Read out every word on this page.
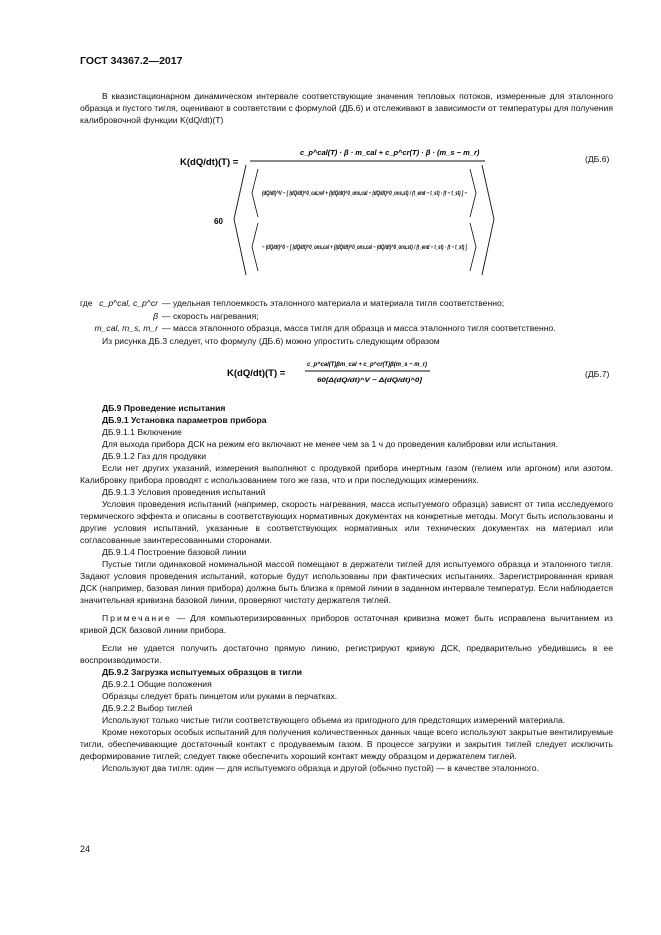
ГОСТ 34367.2—2017

В квазистационарном динамическом интервале соответствующие значения тепловых потоков, измеренные для эталонного образца и пустого тигля, оценивают в соответствии с формулой (ДБ.6) и отслеживают в зависимости от температуры для получения калибровочной функции K(dQ/dt)(T)

K(dQ/dt)(T) =
c_p^cal(T) · β · m_cal + c_p^cr(T) · β · (m_s − m_r)
60
(dQ/dt)^V − [ (dQ/dt)^0_cal,ref + ((dQ/dt)^0_ons,cal − (dQ/dt)^0_ons,st) / (t_end − t_st) · (t − t_st) ] −
− (dQ/dt)^0 − [ (dQ/dt)^0_ons,cal + ((dQ/dt)^0_ons,cal − (dQ/dt)^0_ons,st) / (t_end − t_st) · (t − t_st) ]
(ДБ.6)
где c_p^cal, c_p^cr — удельная теплоемкость эталонного материала и материала тигля соответственно;
β — скорость нагревания;
m_cal, m_s, m_r — масса эталонного образца, масса тигля для образца и масса эталонного тигля соответственно.
Из рисунка ДБ.3 следует, что формулу (ДБ.6) можно упростить следующим образом
K(dQ/dt)(T) =
c_p^cal(T)βm_cal + c_p^cr(T)β(m_s − m_r)
60[Δ(dQ/dt)^V − Δ(dQ/dt)^0]
(ДБ.7)

ДБ.9 Проведение испытания

ДБ.9.1 Установка параметров прибора

ДБ.9.1.1 Включение

Для выхода прибора ДСК на режим его включают не менее чем за 1 ч до проведения калибровки или испытания.

ДБ.9.1.2 Газ для продувки

Если нет других указаний, измерения выполняют с продувкой прибора инертным газом (гелием или аргоном) или азотом. Калибровку прибора проводят с использованием того же газа, что и при последующих измерениях.

ДБ.9.1.3 Условия проведения испытаний

Условия проведения испытаний (например, скорость нагревания, масса испытуемого образца) зависят от типа исследуемого термического эффекта и описаны в соответствующих нормативных документах на конкретные методы. Могут быть использованы и другие условия испытаний, указанные в соответствующих нормативных или технических документах на материал или согласованные заинтересованными сторонами.

ДБ.9.1.4 Построение базовой линии

Пустые тигли одинаковой номинальной массой помещают в держатели тиглей для испытуемого образца и эталонного тигля. Задают условия проведения испытаний, которые будут использованы при фактических испытаниях. Зарегистрированная кривая ДСК (например, базовая линия прибора) должна быть близка к прямой линии в заданном интервале температур. Если наблюдается значительная кривизна базовой линии, проверяют чистоту держателя тиглей.

Примечание — Для компьютеризированных приборов остаточная кривизна может быть исправлена вычитанием из кривой ДСК базовой линии прибора.

Если не удается получить достаточно прямую линию, регистрируют кривую ДСК, предварительно убедившись в ее воспроизводимости.

ДБ.9.2 Загрузка испытуемых образцов в тигли

ДБ.9.2.1 Общие положения

Образцы следует брать пинцетом или руками в перчатках.

ДБ.9.2.2 Выбор тиглей

Используют только чистые тигли соответствующего объема из пригодного для предстоящих измерений материала.

Кроме некоторых особых испытаний для получения количественных данных чаще всего используют закрытые вентилируемые тигли, обеспечивающие достаточный контакт с продуваемым газом. В процессе загрузки и закрытия тиглей следует исключить деформирование тиглей; следует также обеспечить хороший контакт между образцом и держателем тиглей.

Используют два тигля: один — для испытуемого образца и другой (обычно пустой) — в качестве эталонного.

24
